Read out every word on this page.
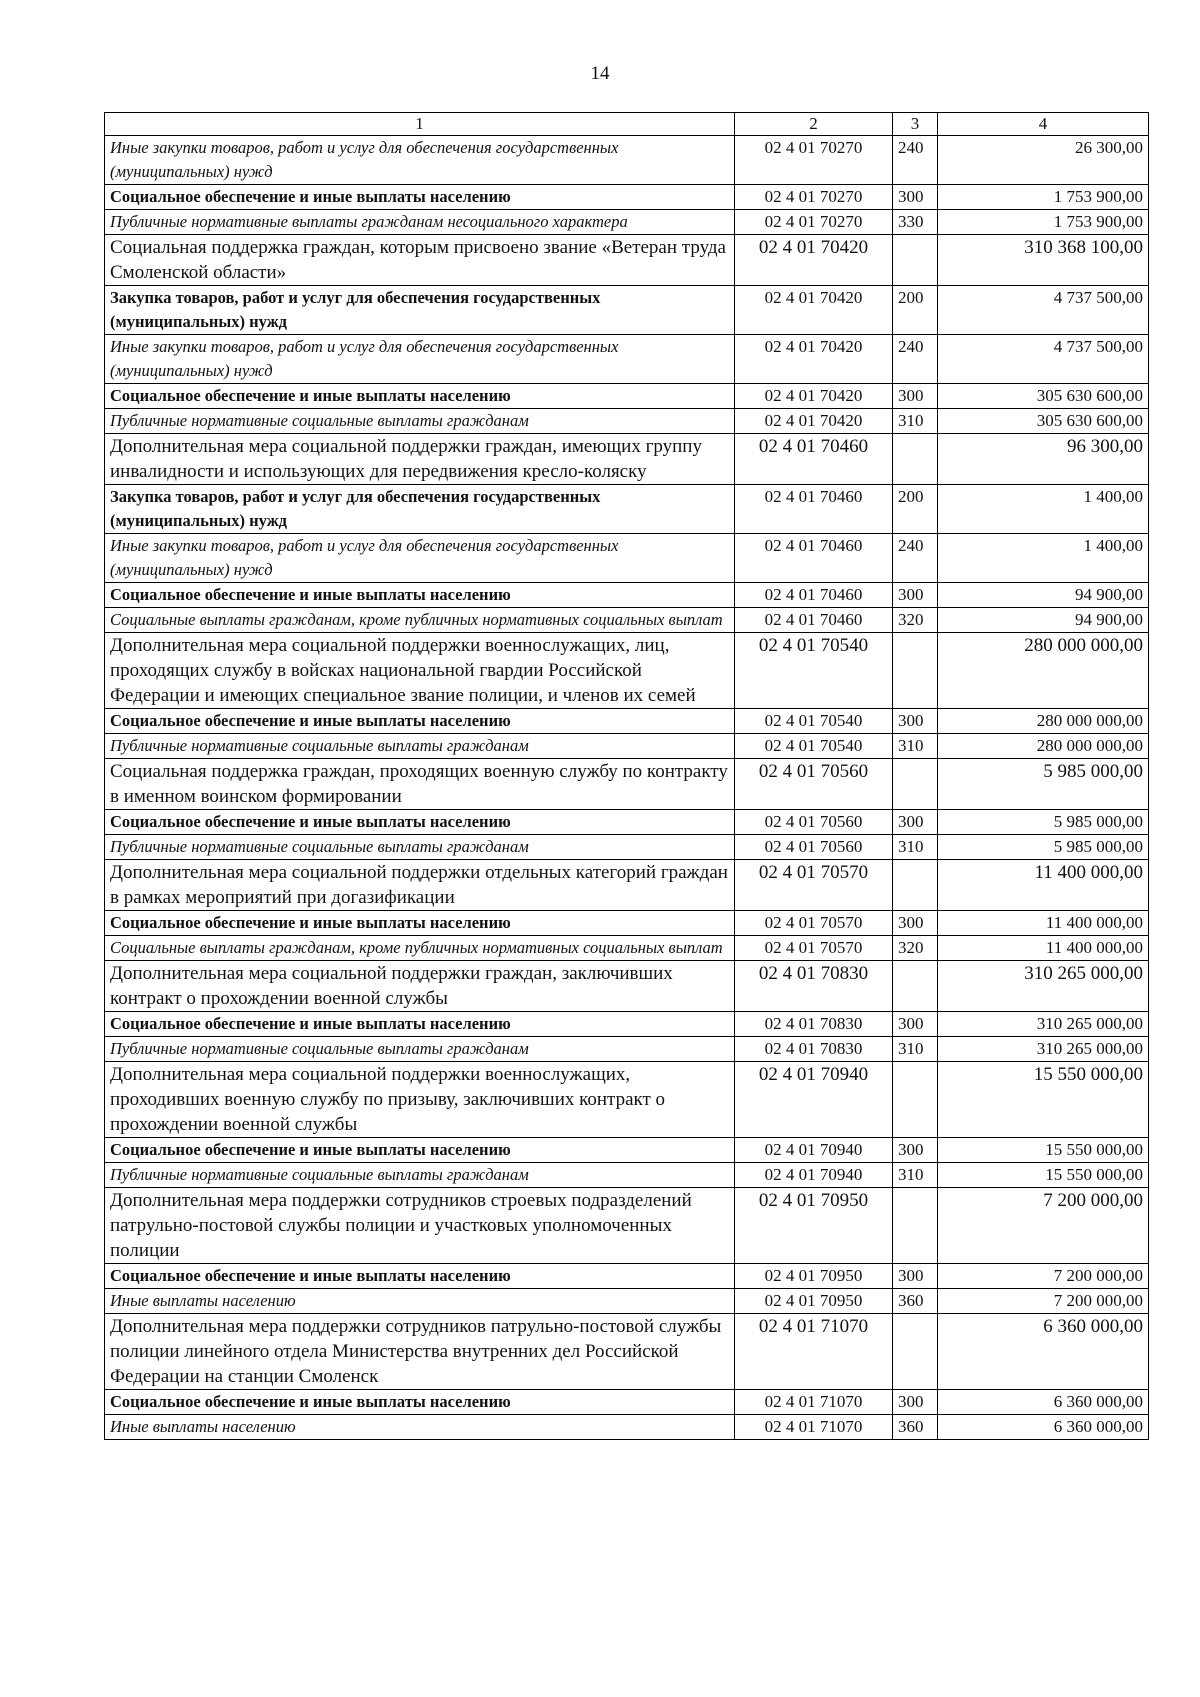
14
1	2	3	4
Иные закупки товаров, работ и услуг для обеспечения государственных (муниципальных) нужд	02 4 01 70270	240	26 300,00
Социальное обеспечение и иные выплаты населению	02 4 01 70270	300	1 753 900,00
Публичные нормативные выплаты гражданам несоциального характера	02 4 01 70270	330	1 753 900,00
Социальная поддержка граждан, которым присвоено звание «Ветеран труда Смоленской области»	02 4 01 70420		310 368 100,00
Закупка товаров, работ и услуг для обеспечения государственных (муниципальных) нужд	02 4 01 70420	200	4 737 500,00
Иные закупки товаров, работ и услуг для обеспечения государственных (муниципальных) нужд	02 4 01 70420	240	4 737 500,00
Социальное обеспечение и иные выплаты населению	02 4 01 70420	300	305 630 600,00
Публичные нормативные социальные выплаты гражданам	02 4 01 70420	310	305 630 600,00
Дополнительная мера социальной поддержки граждан, имеющих группу инвалидности и использующих для передвижения кресло-коляску	02 4 01 70460		96 300,00
Закупка товаров, работ и услуг для обеспечения государственных (муниципальных) нужд	02 4 01 70460	200	1 400,00
Иные закупки товаров, работ и услуг для обеспечения государственных (муниципальных) нужд	02 4 01 70460	240	1 400,00
Социальное обеспечение и иные выплаты населению	02 4 01 70460	300	94 900,00
Социальные выплаты гражданам, кроме публичных нормативных социальных выплат	02 4 01 70460	320	94 900,00
Дополнительная мера социальной поддержки военнослужащих, лиц, проходящих службу в войсках национальной гвардии Российской Федерации и имеющих специальное звание полиции, и членов их семей	02 4 01 70540		280 000 000,00
Социальное обеспечение и иные выплаты населению	02 4 01 70540	300	280 000 000,00
Публичные нормативные социальные выплаты гражданам	02 4 01 70540	310	280 000 000,00
Социальная поддержка граждан, проходящих военную службу по контракту в именном воинском формировании	02 4 01 70560		5 985 000,00
Социальное обеспечение и иные выплаты населению	02 4 01 70560	300	5 985 000,00
Публичные нормативные социальные выплаты гражданам	02 4 01 70560	310	5 985 000,00
Дополнительная мера социальной поддержки отдельных категорий граждан в рамках мероприятий при догазификации	02 4 01 70570		11 400 000,00
Социальное обеспечение и иные выплаты населению	02 4 01 70570	300	11 400 000,00
Социальные выплаты гражданам, кроме публичных нормативных социальных выплат	02 4 01 70570	320	11 400 000,00
Дополнительная мера социальной поддержки граждан, заключивших контракт о прохождении военной службы	02 4 01 70830		310 265 000,00
Социальное обеспечение и иные выплаты населению	02 4 01 70830	300	310 265 000,00
Публичные нормативные социальные выплаты гражданам	02 4 01 70830	310	310 265 000,00
Дополнительная мера социальной поддержки военнослужащих, проходивших военную службу по призыву, заключивших контракт о прохождении военной службы	02 4 01 70940		15 550 000,00
Социальное обеспечение и иные выплаты населению	02 4 01 70940	300	15 550 000,00
Публичные нормативные социальные выплаты гражданам	02 4 01 70940	310	15 550 000,00
Дополнительная мера поддержки сотрудников строевых подразделений патрульно-постовой службы полиции и участковых уполномоченных полиции	02 4 01 70950		7 200 000,00
Социальное обеспечение и иные выплаты населению	02 4 01 70950	300	7 200 000,00
Иные выплаты населению	02 4 01 70950	360	7 200 000,00
Дополнительная мера поддержки сотрудников патрульно-постовой службы полиции линейного отдела Министерства внутренних дел Российской Федерации на станции Смоленск	02 4 01 71070		6 360 000,00
Социальное обеспечение и иные выплаты населению	02 4 01 71070	300	6 360 000,00
Иные выплаты населению	02 4 01 71070	360	6 360 000,00
